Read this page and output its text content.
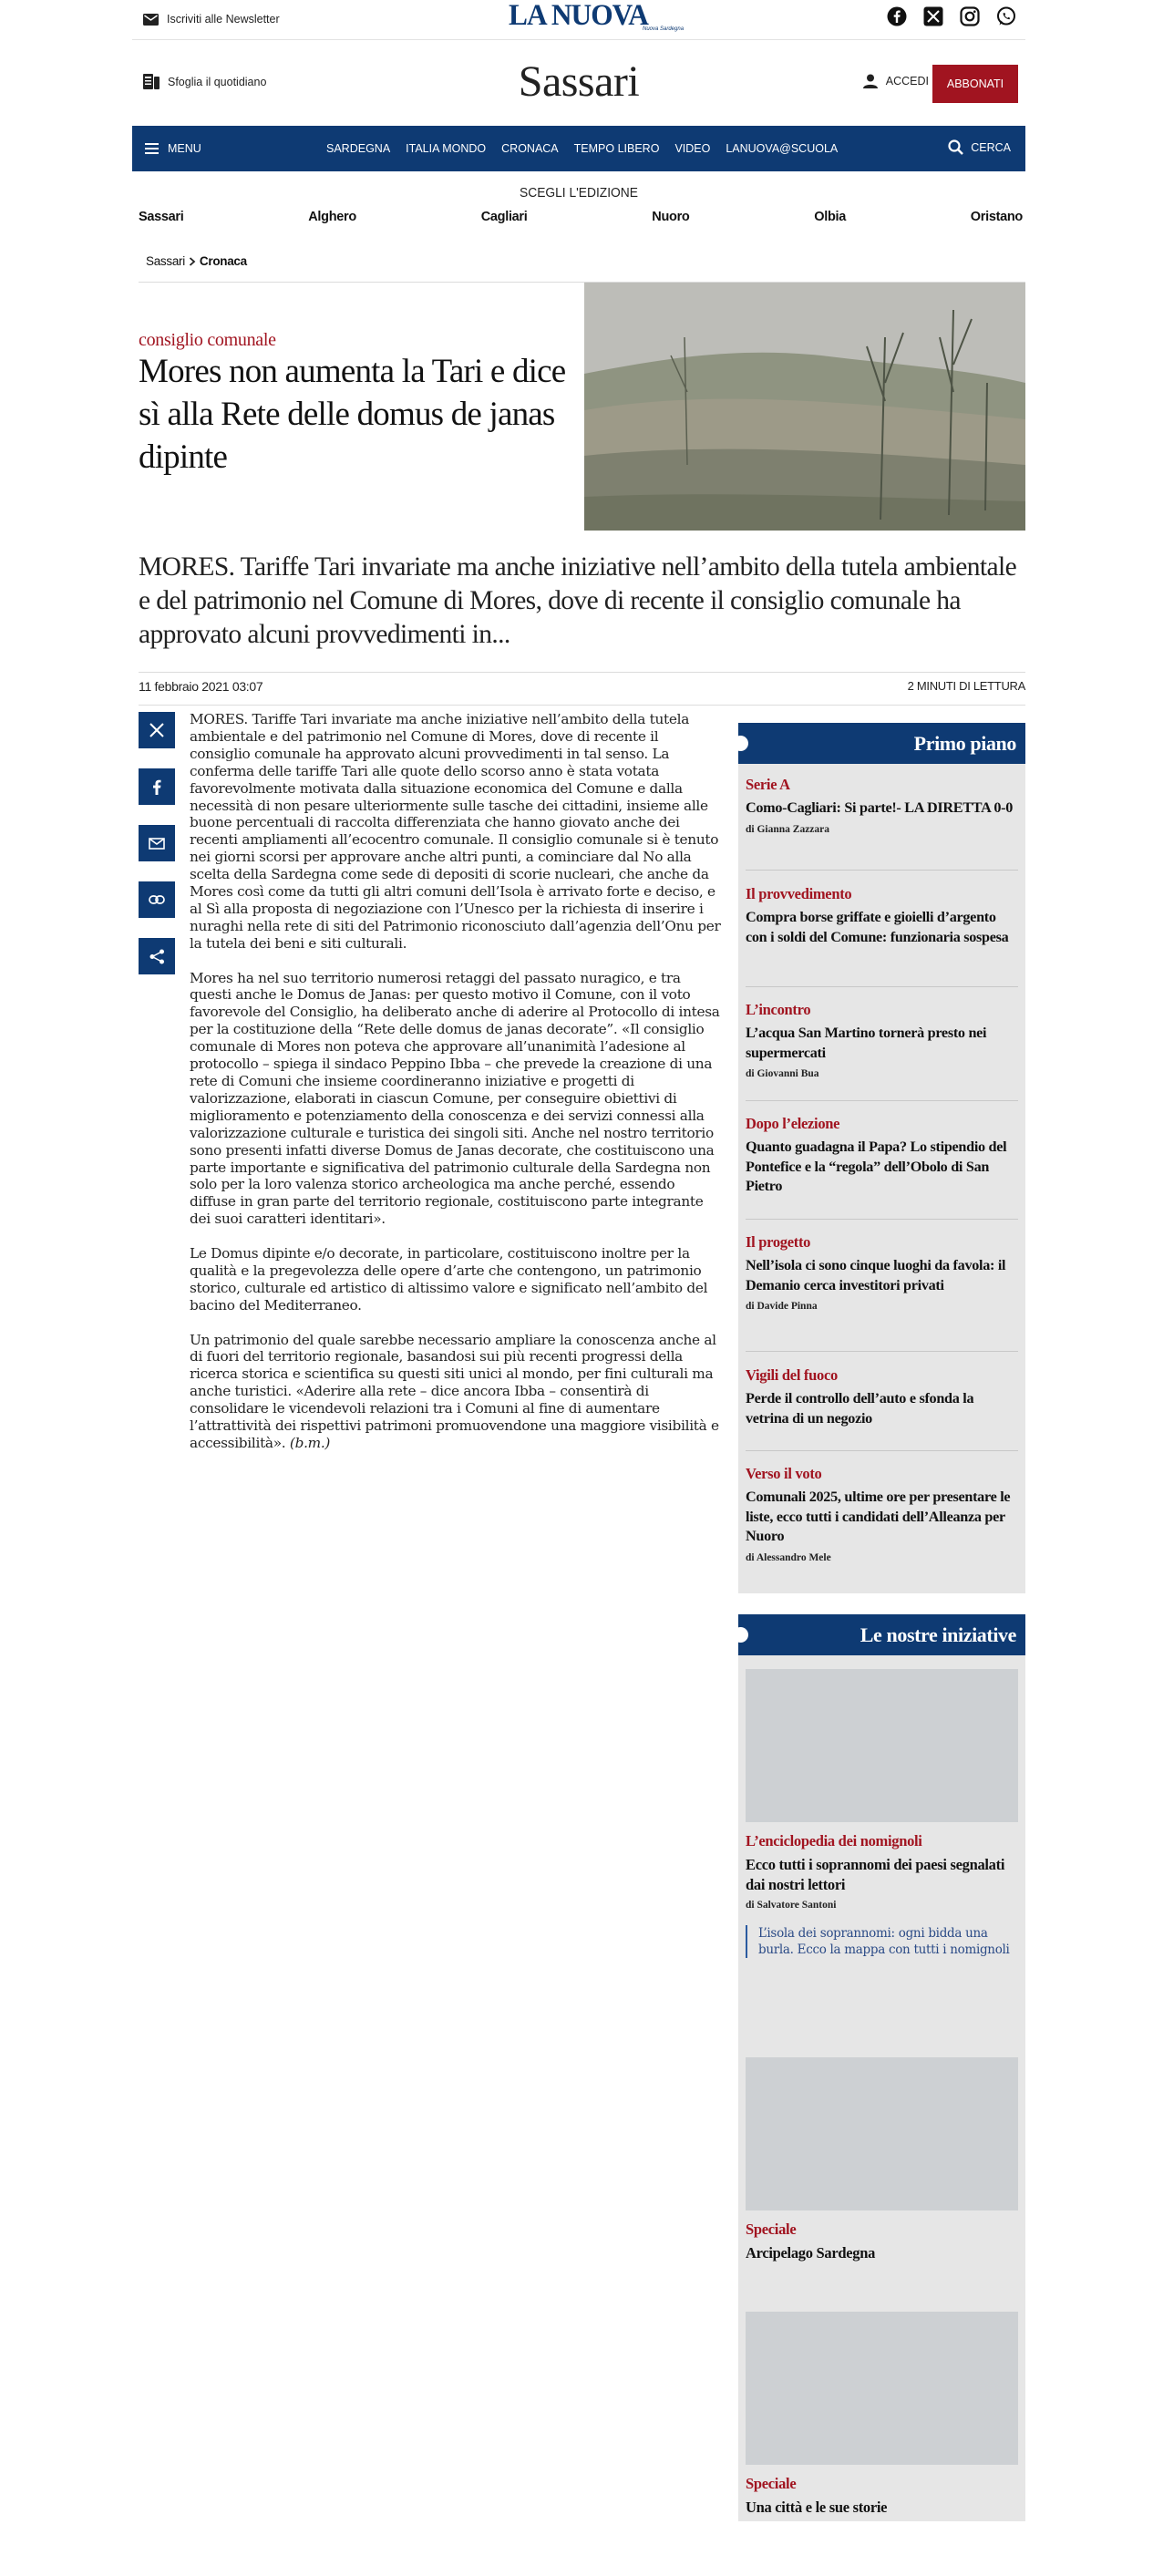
Iscriviti alle Newsletter	LA NUOVA
Nuova Sardegna
Sfoglia il quotidiano	Sassari	ACCEDI	ABBONATI
MENU	SARDEGNA ITALIA MONDO CRONACA TEMPO LIBERO VIDEO LANUOVA@SCUOLA	CERCA
SCEGLI L'EDIZIONE
Sassari	Alghero	Cagliari	Nuoro	Olbia	Oristano
Sassari Cronaca
consiglio comunale
Mores non aumenta la Tari e dice sì alla Rete delle domus de janas dipinte
MORES. Tariffe Tari invariate ma anche iniziative nell’ambito della tutela ambientale e del patrimonio nel Comune di Mores, dove di recente il consiglio comunale ha approvato alcuni provvedimenti in...
11 febbraio 2021 03:07	2 MINUTI DI LETTURA

MORES. Tariffe Tari invariate ma anche iniziative nell’ambito della tutela ambientale e del patrimonio nel Comune di Mores, dove di recente il consiglio comunale ha approvato alcuni provvedimenti in tal senso. La conferma delle tariffe Tari alle quote dello scorso anno è stata votata favorevolmente motivata dalla situazione economica del Comune e dalla necessità di non pesare ulteriormente sulle tasche dei cittadini, insieme alle buone percentuali di raccolta differenziata che hanno giovato anche dei recenti ampliamenti all’ecocentro comunale. Il consiglio comunale si è tenuto nei giorni scorsi per approvare anche altri punti, a cominciare dal No alla scelta della Sardegna come sede di depositi di scorie nucleari, che anche da Mores così come da tutti gli altri comuni dell’Isola è arrivato forte e deciso, e al Sì alla proposta di negoziazione con l’Unesco per la richiesta di inserire i nuraghi nella rete di siti del Patrimonio riconosciuto dall’agenzia dell’Onu per la tutela dei beni e siti culturali.

Mores ha nel suo territorio numerosi retaggi del passato nuragico, e tra questi anche le Domus de Janas: per questo motivo il Comune, con il voto favorevole del Consiglio, ha deliberato anche di aderire al Protocollo di intesa per la costituzione della “Rete delle domus de janas decorate”. «Il consiglio comunale di Mores non poteva che approvare all’unanimità l’adesione al protocollo – spiega il sindaco Peppino Ibba – che prevede la creazione di una rete di Comuni che insieme coordineranno iniziative e progetti di valorizzazione, elaborati in ciascun Comune, per conseguire obiettivi di miglioramento e potenziamento della conoscenza e dei servizi connessi alla valorizzazione culturale e turistica dei singoli siti. Anche nel nostro territorio sono presenti infatti diverse Domus de Janas decorate, che costituiscono una parte importante e significativa del patrimonio culturale della Sardegna non solo per la loro valenza storico archeologica ma anche perché, essendo diffuse in gran parte del territorio regionale, costituiscono parte integrante dei suoi caratteri identitari».

Le Domus dipinte e/o decorate, in particolare, costituiscono inoltre per la qualità e la pregevolezza delle opere d’arte che contengono, un patrimonio storico, culturale ed artistico di altissimo valore e significato nell’ambito del bacino del Mediterraneo.

Un patrimonio del quale sarebbe necessario ampliare la conoscenza anche al di fuori del territorio regionale, basandosi sui più recenti progressi della ricerca storica e scientifica su questi siti unici al mondo, per fini culturali ma anche turistici. «Aderire alla rete – dice ancora Ibba – consentirà di consolidare le vicendevoli relazioni tra i Comuni al fine di aumentare l’attrattività dei rispettivi patrimoni promuovendone una maggiore visibilità e accessibilità». (b.m.)

Primo piano
Serie A
Como-Cagliari: Si parte!- LA DIRETTA 0-0
di Gianna Zazzara
Il provvedimento
Compra borse griffate e gioielli d’argento con i soldi del Comune: funzionaria sospesa
L’incontro
L’acqua San Martino tornerà presto nei supermercati
di Giovanni Bua
Dopo l’elezione
Quanto guadagna il Papa? Lo stipendio del Pontefice e la “regola” dell’Obolo di San Pietro
Il progetto
Nell’isola ci sono cinque luoghi da favola: il Demanio cerca investitori privati
di Davide Pinna
Vigili del fuoco
Perde il controllo dell’auto e sfonda la vetrina di un negozio
Verso il voto
Comunali 2025, ultime ore per presentare le liste, ecco tutti i candidati dell’Alleanza per Nuoro
di Alessandro Mele
Le nostre iniziative
L’enciclopedia dei nomignoli
Ecco tutti i soprannomi dei paesi segnalati dai nostri lettori
di Salvatore Santoni
L’isola dei soprannomi: ogni bidda una burla. Ecco la mappa con tutti i nomignoli
Speciale
Arcipelago Sardegna
Speciale
Una città e le sue storie
